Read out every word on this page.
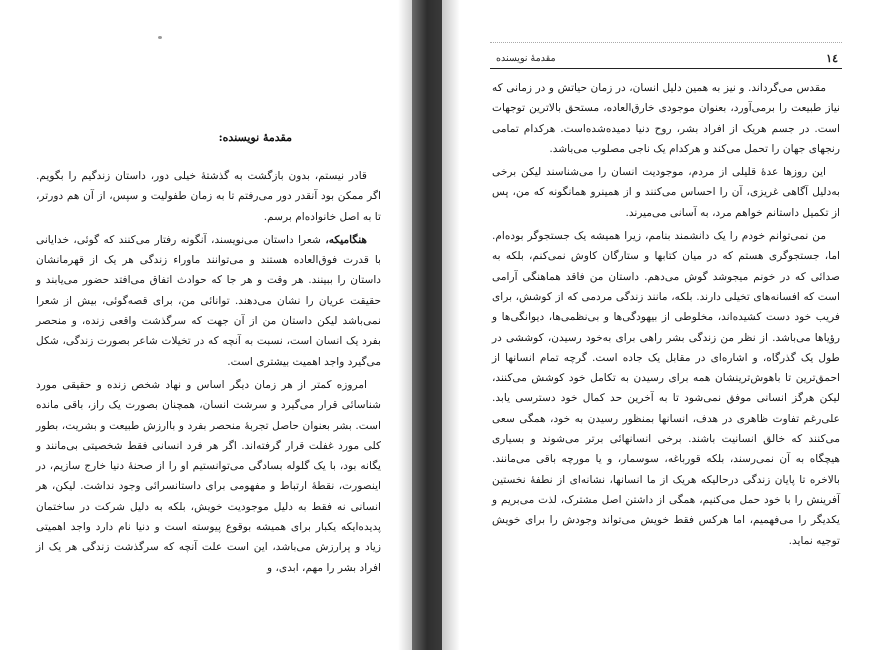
مقدمهٔ نویسنده:

قادر نیستم، بدون بازگشت به گذشتهٔ خیلی دور، داستان زندگیم را بگویم. اگر ممکن بود آنقدر دور می‌رفتم تا به زمان طفولیت و سپس، از آن هم دورتر، تا به اصل خانواده‌ام برسم.

هنگامیکه، شعرا داستان می‌نویسند، آنگونه رفتار می‌کنند که گوئی، خدایانی با قدرت فوق‌العاده هستند و می‌توانند ماوراء زندگی هر یک از قهرمانشان داستان را ببینند. هر وقت و هر جا که حوادث اتفاق می‌افتد حضور می‌یابند و حقیقت عریان را نشان می‌دهند. توانائی من، برای قصه‌گوئی، بیش از شعرا نمی‌باشد لیکن داستان من از آن جهت که سرگذشت واقعی زنده، و منحصر بفرد یک انسان است، نسبت به آنچه که در تخیلات شاعر بصورت زندگی، شکل می‌گیرد واجد اهمیت بیشتری است.

امروزه کمتر از هر زمان دیگر اساس و نهاد شخص زنده و حقیقی مورد شناسائی قرار می‌گیرد و سرشت انسان، همچنان بصورت یک راز، باقی مانده است. بشر بعنوان حاصل تجربهٔ منحصر بفرد و باارزش طبیعت و بشریت، بطور کلی مورد غفلت قرار گرفته‌اند. اگر هر فرد انسانی فقط شخصیتی بی‌مانند و یگانه بود، با یک گلوله بسادگی می‌توانستیم او را از صحنهٔ دنیا خارج سازیم، در اینصورت، نقطهٔ ارتباط و مفهومی برای داستانسرائی وجود نداشت. لیکن، هر انسانی نه فقط به دلیل موجودیت خویش، بلکه به دلیل شرکت در ساختمان پدیده‌ایکه یکبار برای همیشه بوقوع پیوسته است و دنیا نام دارد واجد اهمیتی زیاد و پرارزش می‌باشد، این است علت آنچه که سرگذشت زندگی هر یک از افراد بشر را مهم، ابدی، و

۱٤
مقدمهٔ نویسنده

مقدس می‌گرداند. و نیز به همین دلیل انسان، در زمان حیاتش و در زمانی که نیاز طبیعت را برمی‌آورد، بعنوان موجودی خارق‌العاده، مستحق بالاترین توجهات است. در جسم هریک از افراد بشر، روح دنیا دمیده‌شده‌است. هرکدام تمامی رنجهای جهان را تحمل می‌کند و هرکدام یک ناجی مصلوب می‌باشد.

این روزها عدهٔ قلیلی از مردم، موجودیت انسان را می‌شناسند لیکن برخی به‌دلیل آگاهی غریزی، آن را احساس می‌کنند و از همینرو همانگونه که من، پس از تکمیل داستانم خواهم مرد، به آسانی می‌میرند.

من نمی‌توانم خودم را یک دانشمند بنامم، زیرا همیشه یک جستجوگر بوده‌ام. اما، جستجوگری هستم که در میان کتابها و ستارگان کاوش نمی‌کنم، بلکه به صدائی که در خونم میجوشد گوش می‌دهم. داستان من فاقد هماهنگی آرامی است که افسانه‌های تخیلی دارند. بلکه، مانند زندگی مردمی که از کوشش، برای فریب خود دست کشیده‌اند، مخلوطی از بیهودگی‌ها و بی‌نظمی‌ها، دیوانگی‌ها و رؤیاها می‌باشد. از نظر من زندگی بشر راهی برای به‌خود رسیدن، کوششی در طول یک گذرگاه، و اشاره‌ای در مقابل یک جاده است. گرچه تمام انسانها از احمق‌ترین تا باهوش‌ترینشان همه برای رسیدن به تکامل خود کوشش می‌کنند، لیکن هرگز انسانی موفق نمی‌شود تا به آخرین حد کمال خود دسترسی یابد. علی‌رغم تفاوت ظاهری در هدف، انسانها بمنظور رسیدن به خود، همگی سعی می‌کنند که خالق انسانیت باشند. برخی انسانهائی برتر می‌شوند و بسیاری هیچگاه به آن نمی‌رسند، بلکه قورباغه، سوسمار، و یا مورچه باقی می‌مانند. بالاخره تا پایان زندگی درحالیکه هریک از ما انسانها، نشانه‌ای از نطفهٔ نخستین آفرینش را با خود حمل می‌کنیم، همگی از داشتن اصل مشترک، لذت می‌بریم و یکدیگر را می‌فهمیم، اما هرکس فقط خویش می‌تواند وجودش را برای خویش توجیه نماید.
